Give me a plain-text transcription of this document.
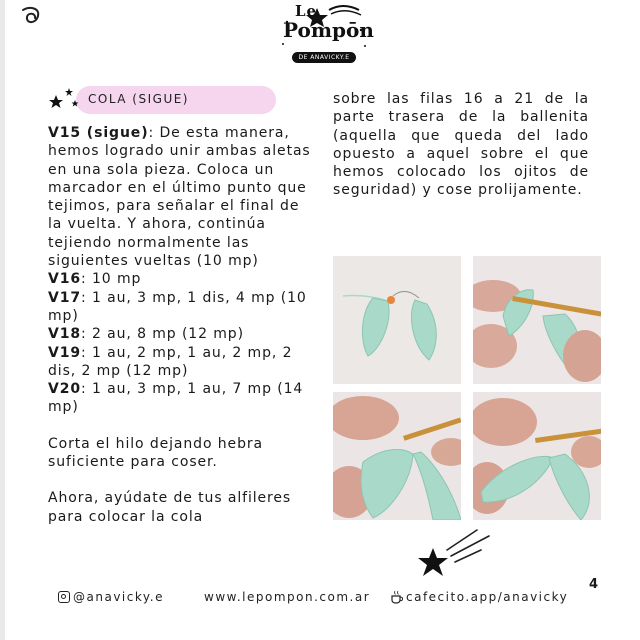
Le
Pompōn
DE ANAVICKY.E
COLA (SIGUE)

V15 (sigue): De esta manera, hemos logrado unir ambas aletas en una sola pieza. Coloca un marcador en el último punto que tejimos, para señalar el final de la vuelta. Y ahora, continúa tejiendo normalmente las siguientes vueltas (10 mp)

V16: 10 mp

V17: 1 au, 3 mp, 1 dis, 4 mp (10 mp)

V18: 2 au, 8 mp (12 mp)

V19: 1 au, 2 mp, 1 au, 2 mp, 2 dis, 2 mp (12 mp)

V20: 1 au, 3 mp, 1 au, 7 mp (14 mp)

Corta el hilo dejando hebra suficiente para coser.

Ahora, ayúdate de tus alfileres para colocar la cola

sobre las filas 16 a 21 de la parte trasera de la ballenita (aquella que queda del lado opuesto a aquel sobre el que hemos colocado los ojitos de seguridad) y cose prolijamente.
4
@anavicky.e	www.lepompon.com.ar	cafecito.app/anavicky
